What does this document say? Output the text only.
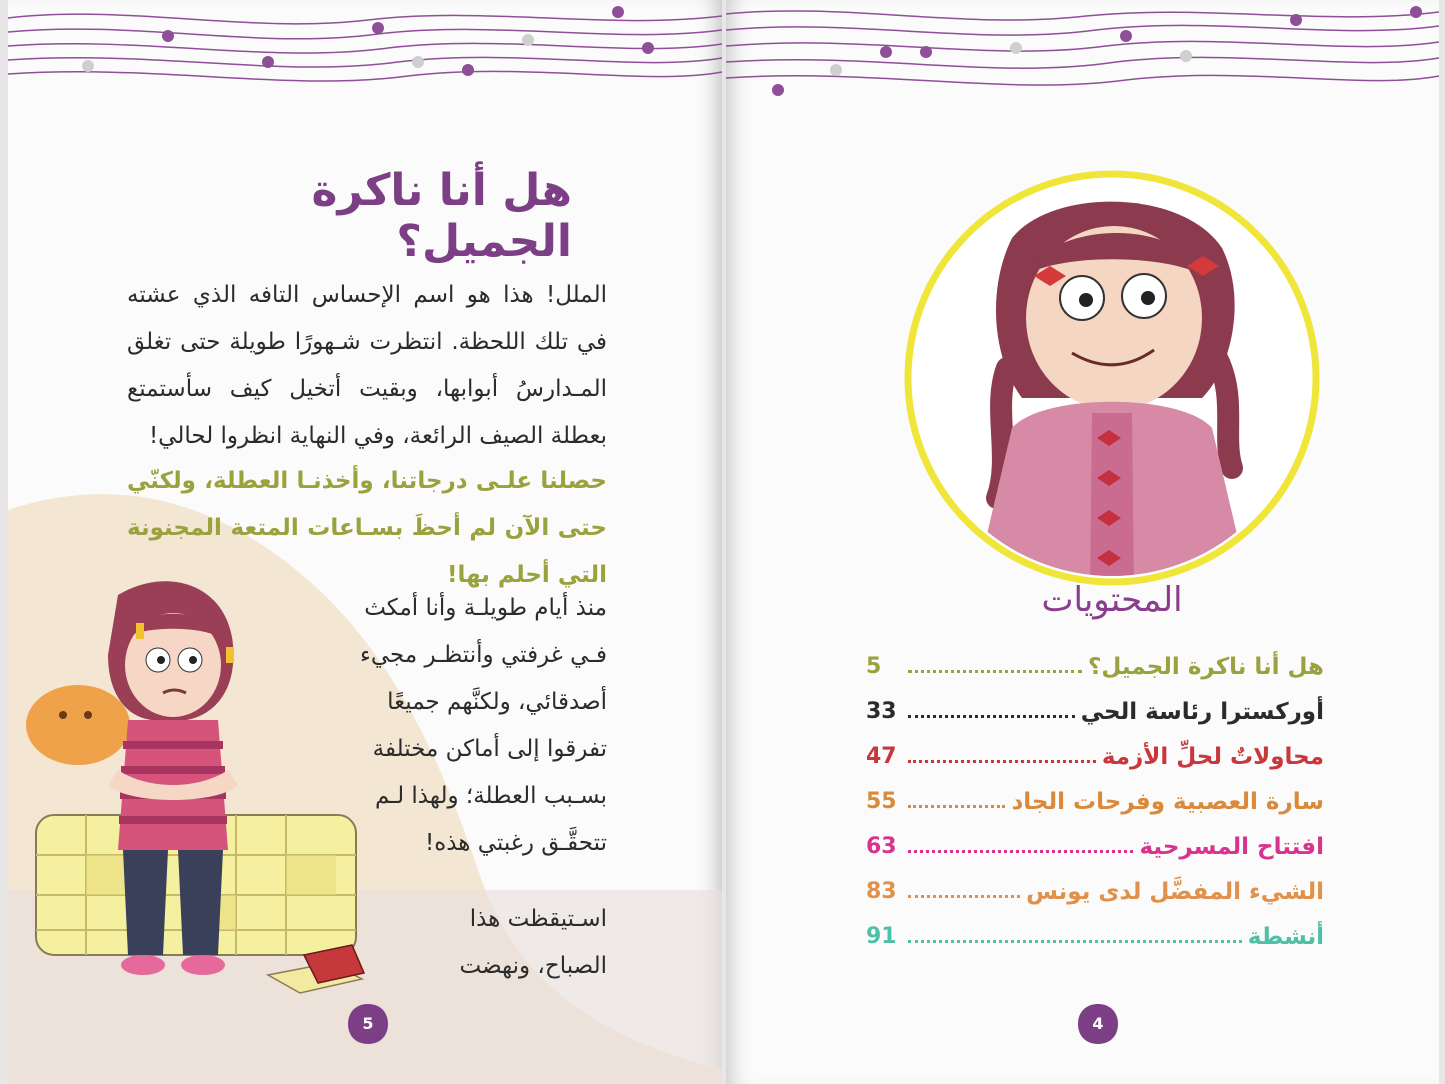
هل أنا ناكرة الجميل؟
الملل! هذا هو اسم الإحساس التافه الذي عشته في تلك اللحظة. انتظرت شـهورًا طويلة حتى تغلق المـدارسُ أبوابها، وبقيت أتخيل كيف سأستمتع بعطلة الصيف الرائعة، وفي النهاية انظروا لحالي!
حصلنا علـى درجاتنا، وأخذنـا العطلة، ولكنّي حتى الآن لم أحظَ بسـاعات المتعة المجنونة التي أحلم بها!
منذ أيام طويلـة وأنا أمكث فـي غرفتي وأنتظـر مجيء أصدقائي، ولكنَّهم جميعًا تفرقوا إلى أماكن مختلفة بسـبب العطلة؛ ولهذا لـم تتحقَّـق رغبتي هذه!
اسـتيقظت هذا الصباح، ونهضت
5
المحتويات
هل أنا ناكرة الجميل؟
5
أوركسترا رئاسة الحي
33
محاولاتٌ لحلِّ الأزمة
47
سارة العصبية وفرحات الجاد
55
افتتاح المسرحية
63
الشيء المفضَّل لدى يونس
83
أنشطة
91
4
